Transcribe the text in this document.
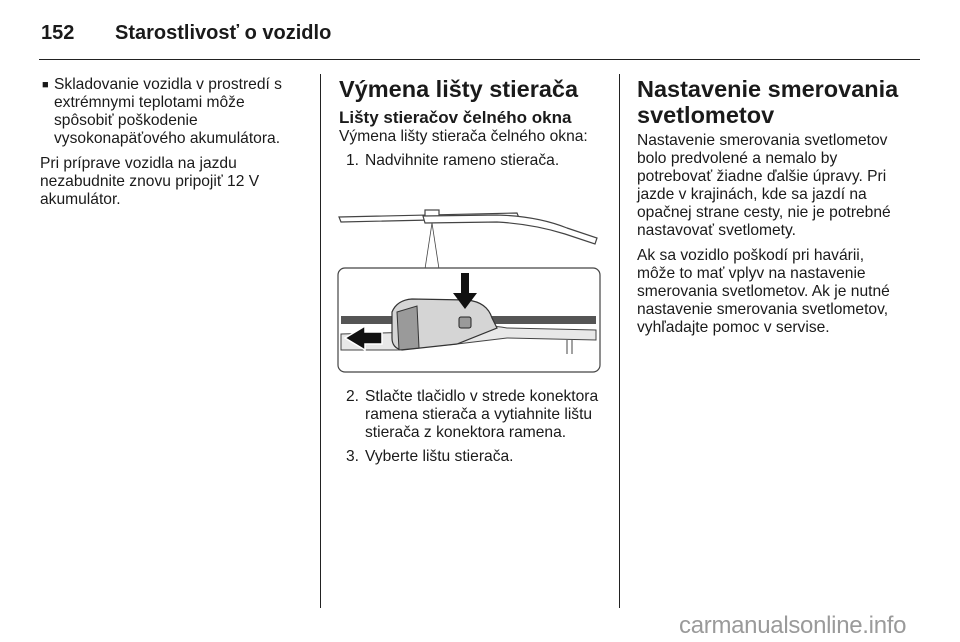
152 Starostlivosť o vozidlo
■ Skladovanie vozidla v prostredí s extrémnymi teplotami môže spôsobiť poškodenie vysokonapäťového akumulátora.

Pri príprave vozidla na jazdu nezabudnite znovu pripojiť 12 V akumulátor.

Výmena lišty stierača
Lišty stieračov čelného okna

Výmena lišty stierača čelného okna:

1. Nadvihnite rameno stierača.
2. Stlačte tlačidlo v strede konektora ramena stierača a vytiahnite lištu stierača z konektora ramena.
3. Vyberte lištu stierača.
Nastavenie smerovania svetlometov

Nastavenie smerovania svetlometov bolo predvolené a nemalo by potrebovať žiadne ďalšie úpravy. Pri jazde v krajinách, kde sa jazdí na opačnej strane cesty, nie je potrebné nastavovať svetlomety.

Ak sa vozidlo poškodí pri havárii, môže to mať vplyv na nastavenie smerovania svetlometov. Ak je nutné nastavenie smerovania svetlometov, vyhľadajte pomoc v servise.

carmanualsonline.info
